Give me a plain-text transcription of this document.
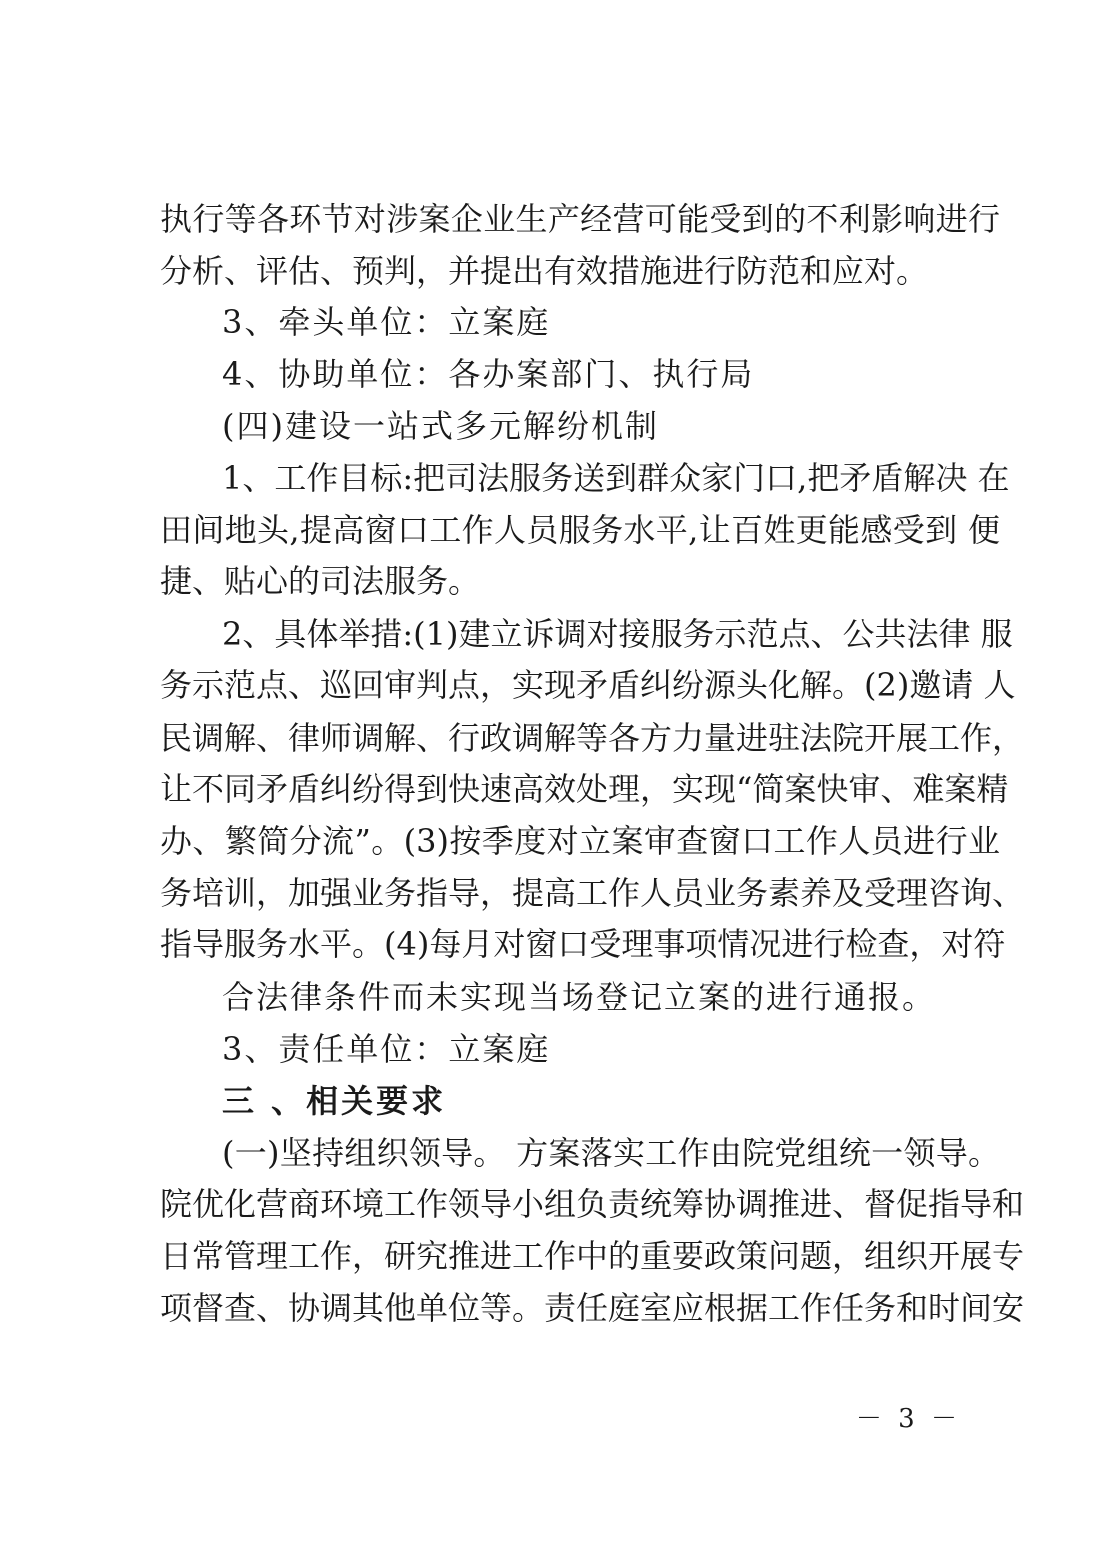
执行等各环节对涉案企业生产经营可能受到的不利影响进行
分析、评估、预判，并提出有效措施进行防范和应对。
3、牵头单位：立案庭
4、协助单位：各办案部门、执行局
(四)建设一站式多元解纷机制
1、工作目标:把司法服务送到群众家门口,把矛盾解决 在
田间地头,提高窗口工作人员服务水平,让百姓更能感受到 便
捷、贴心的司法服务。
2、具体举措:(1)建立诉调对接服务示范点、公共法律 服
务示范点、巡回审判点，实现矛盾纠纷源头化解。(2)邀请 人
民调解、律师调解、行政调解等各方力量进驻法院开展工作，
让不同矛盾纠纷得到快速高效处理，实现“简案快审、难案精
办、繁简分流”。(3)按季度对立案审查窗口工作人员进行业
务培训，加强业务指导，提高工作人员业务素养及受理咨询、
指导服务水平。(4)每月对窗口受理事项情况进行检查，对符
合法律条件而未实现当场登记立案的进行通报。
3、责任单位：立案庭
三 、相关要求
(一)坚持组织领导。 方案落实工作由院党组统一领导。
院优化营商环境工作领导小组负责统筹协调推进、督促指导和
日常管理工作，研究推进工作中的重要政策问题，组织开展专
项督查、协调其他单位等。责任庭室应根据工作任务和时间安
－ 3 －
